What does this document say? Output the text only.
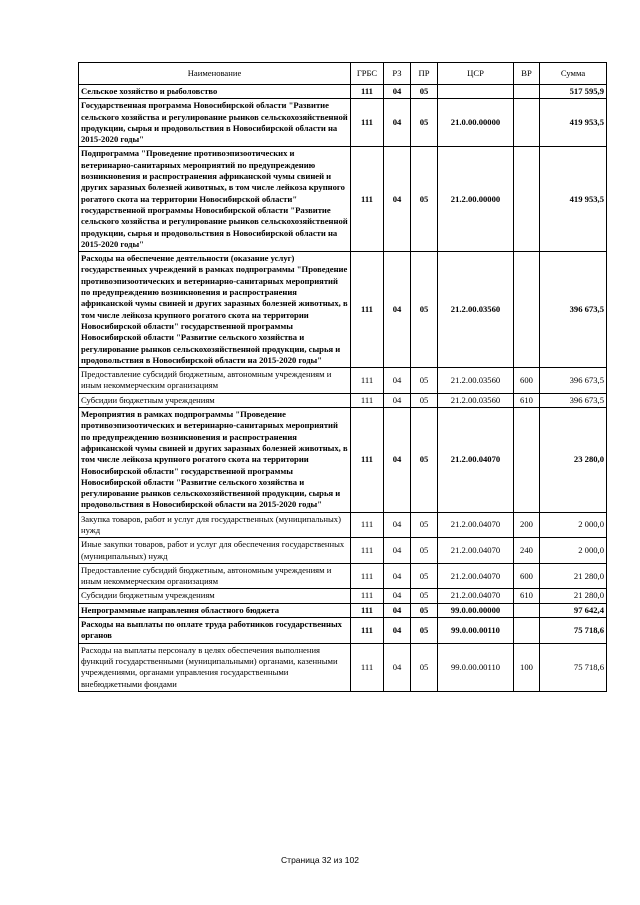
Наименование	ГРБС	РЗ	ПР	ЦСР	ВР	Сумма
Сельское хозяйство и рыболовство	111	04	05			517 595,9
Государственная программа Новосибирской области "Развитие сельского хозяйства и регулирование рынков сельскохозяйственной продукции, сырья и продовольствия в Новосибирской области на 2015-2020 годы"	111	04	05	21.0.00.00000		419 953,5
Подпрограмма "Проведение противоэпизоотических и ветеринарно-санитарных мероприятий по предупреждению возникновения и распространения африканской чумы свиней и других заразных болезней животных, в том числе лейкоза крупного рогатого скота на территории Новосибирской области" государственной программы Новосибирской области "Развитие сельского хозяйства и регулирование рынков сельскохозяйственной продукции, сырья и продовольствия в Новосибирской области на 2015-2020 годы"	111	04	05	21.2.00.00000		419 953,5
Расходы на обеспечение деятельности (оказание услуг) государственных учреждений в рамках подпрограммы "Проведение противоэпизоотических и ветеринарно-санитарных мероприятий по предупреждению возникновения и распространения африканской чумы свиней и других заразных болезней животных, в том числе лейкоза крупного рогатого скота на территории Новосибирской области" государственной программы Новосибирской области "Развитие сельского хозяйства и регулирование рынков сельскохозяйственной продукции, сырья и продовольствия в Новосибирской области на 2015-2020 годы"	111	04	05	21.2.00.03560		396 673,5
Предоставление субсидий бюджетным, автономным учреждениям и иным некоммерческим организациям	111	04	05	21.2.00.03560	600	396 673,5
Субсидии бюджетным учреждениям	111	04	05	21.2.00.03560	610	396 673,5
Мероприятия в рамках подпрограммы "Проведение противоэпизоотических и ветеринарно-санитарных мероприятий по предупреждению возникновения и распространения африканской чумы свиней и других заразных болезней животных, в том числе лейкоза крупного рогатого скота на территории Новосибирской области" государственной программы Новосибирской области "Развитие сельского хозяйства и регулирование рынков сельскохозяйственной продукции, сырья и продовольствия в Новосибирской области на 2015-2020 годы"	111	04	05	21.2.00.04070		23 280,0
Закупка товаров, работ и услуг для государственных (муниципальных) нужд	111	04	05	21.2.00.04070	200	2 000,0
Иные закупки товаров, работ и услуг для обеспечения государственных (муниципальных) нужд	111	04	05	21.2.00.04070	240	2 000,0
Предоставление субсидий бюджетным, автономным учреждениям и иным некоммерческим организациям	111	04	05	21.2.00.04070	600	21 280,0
Субсидии бюджетным учреждениям	111	04	05	21.2.00.04070	610	21 280,0
Непрограммные направления областного бюджета	111	04	05	99.0.00.00000		97 642,4
Расходы на выплаты по оплате труда работников государственных органов	111	04	05	99.0.00.00110		75 718,6
Расходы на выплаты персоналу в целях обеспечения выполнения функций государственными (муниципальными) органами, казенными учреждениями, органами управления государственными внебюджетными фондами	111	04	05	99.0.00.00110	100	75 718,6
Страница 32 из 102
